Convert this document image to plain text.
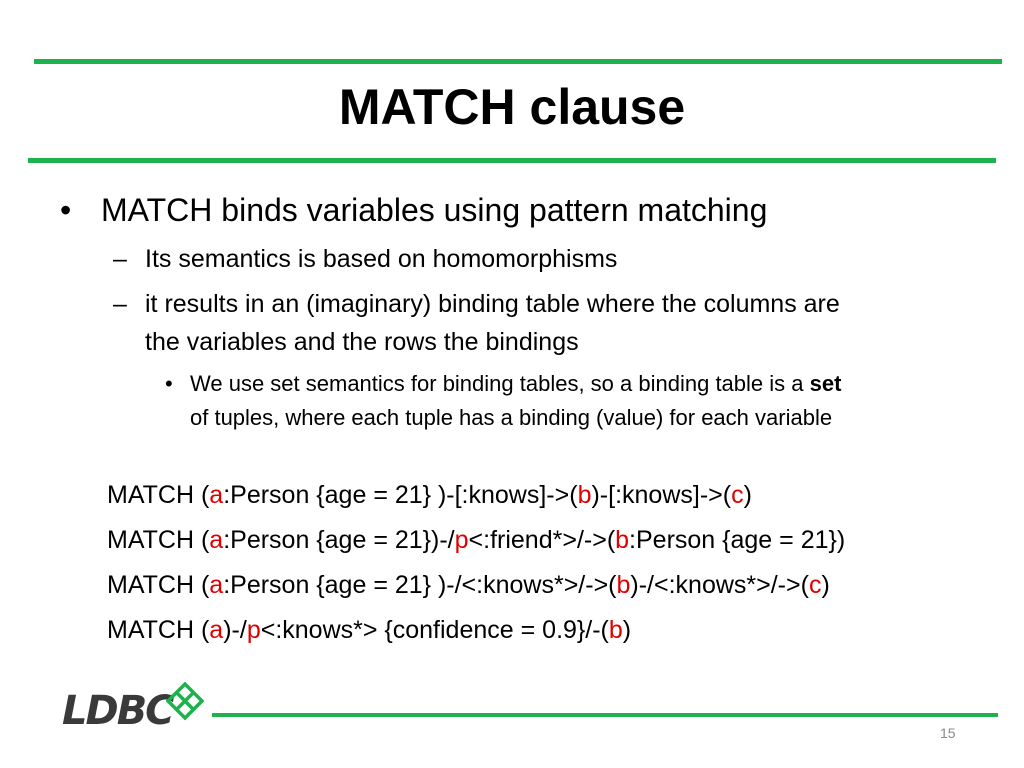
MATCH clause
• MATCH binds variables using pattern matching
– Its semantics is based on homomorphisms
– it results in an (imaginary) binding table where the columns are
the variables and the rows the bindings
• We use set semantics for binding tables, so a binding table is a set
of tuples, where each tuple has a binding (value) for each variable
MATCH (a:Person {age = 21} )-[:knows]->(b)-[:knows]->(c)
MATCH (a:Person {age = 21})-/p<:friend*>/->(b:Person {age = 21})
MATCH (a:Person {age = 21} )-/<:knows*>/->(b)-/<:knows*>/->(c)
MATCH (a)-/p<:knows*> {confidence = 0.9}/-(b)
LDBC	15
